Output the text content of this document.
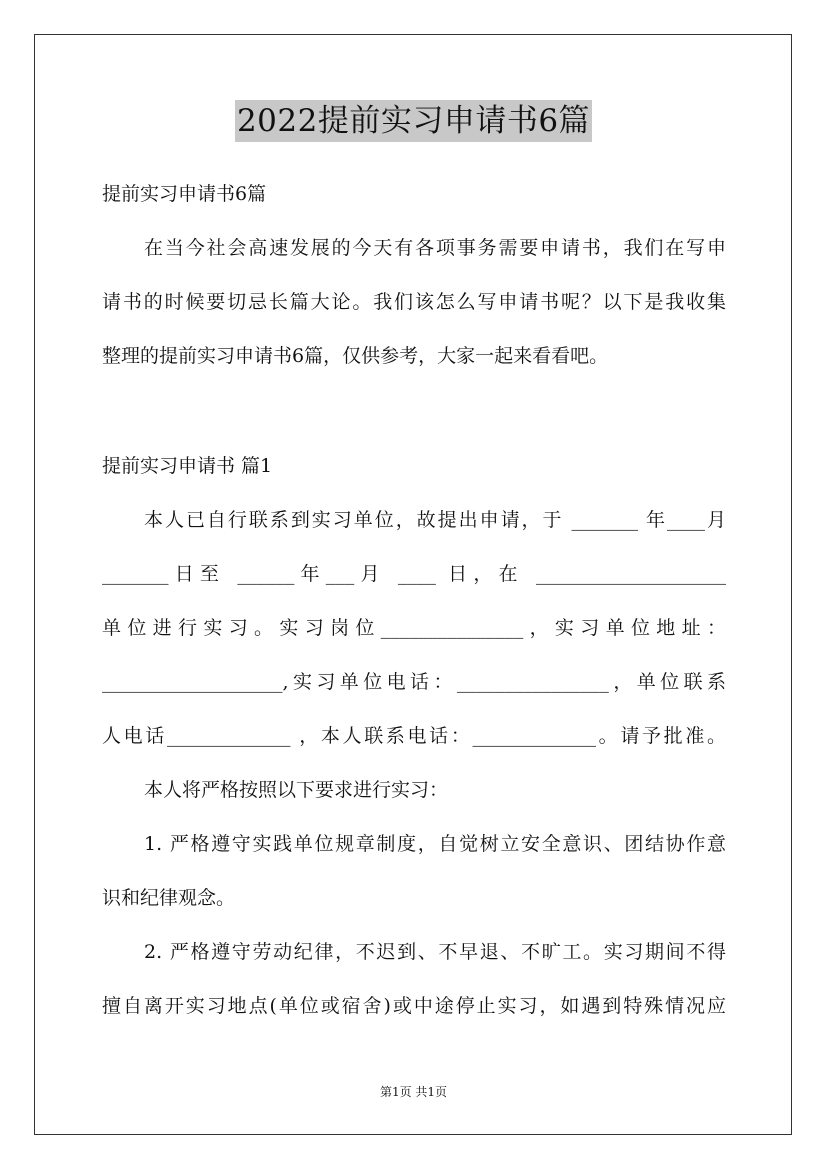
2022提前实习申请书6篇
提前实习申请书6篇
在当今社会高速发展的今天有各项事务需要申请书，我们在写申
请书的时候要切忌长篇大论。我们该怎么写申请书呢？以下是我收集
整理的提前实习申请书6篇，仅供参考，大家一起来看看吧。
提前实习申请书 篇1
本人已自行联系到实习单位，故提出申请，于 _______ 年____月
_______日至 ______年___月 ____ 日，在 ____________________
单位进行实习。实习岗位_______________，实习单位地址：
___________________,实习单位电话：________________，单位联系
人电话_____________ ，本人联系电话：_____________。请予批准。
本人将严格按照以下要求进行实习：
1. 严格遵守实践单位规章制度，自觉树立安全意识、团结协作意
识和纪律观念。
2. 严格遵守劳动纪律，不迟到、不早退、不旷工。实习期间不得
擅自离开实习地点(单位或宿舍)或中途停止实习，如遇到特殊情况应
第1页 共1页
